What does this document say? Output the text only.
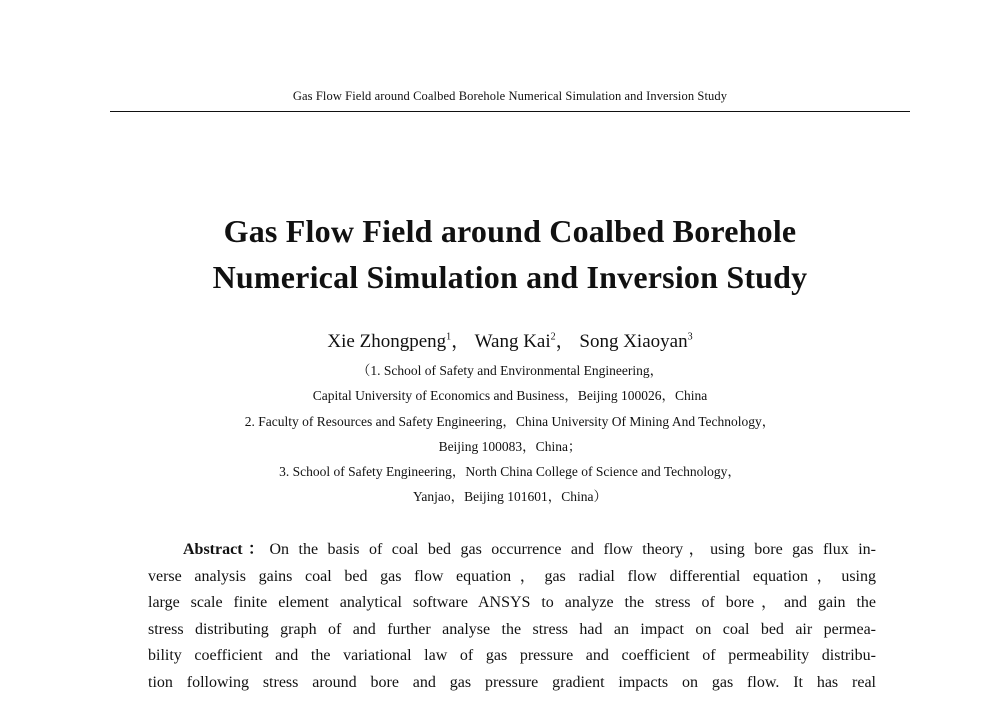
Gas Flow Field around Coalbed Borehole Numerical Simulation and Inversion Study
Gas Flow Field around Coalbed Borehole
Numerical Simulation and Inversion Study
Xie Zhongpeng$^1$， Wang Kai$^2$， Song Xiaoyan$^3$
（1. School of Safety and Environmental Engineering，
Capital University of Economics and Business，Beijing 100026，China
2. Faculty of Resources and Safety Engineering，China University Of Mining And Technology，
Beijing 100083，China；
3. School of Safety Engineering，North China College of Science and Technology，
Yanjao，Beijing 101601，China）
Abstract：On the basis of coal bed gas occurrence and flow theory，using bore gas flux in-
verse analysis gains coal bed gas flow equation，gas radial flow differential equation，using
large scale finite element analytical software ANSYS to analyze the stress of bore，and gain the
stress distributing graph of and further analyse the stress had an impact on coal bed air permea-
bility coefficient and the variational law of gas pressure and coefficient of permeability distribu-
tion following stress around bore and gas pressure gradient impacts on gas flow. It has real
